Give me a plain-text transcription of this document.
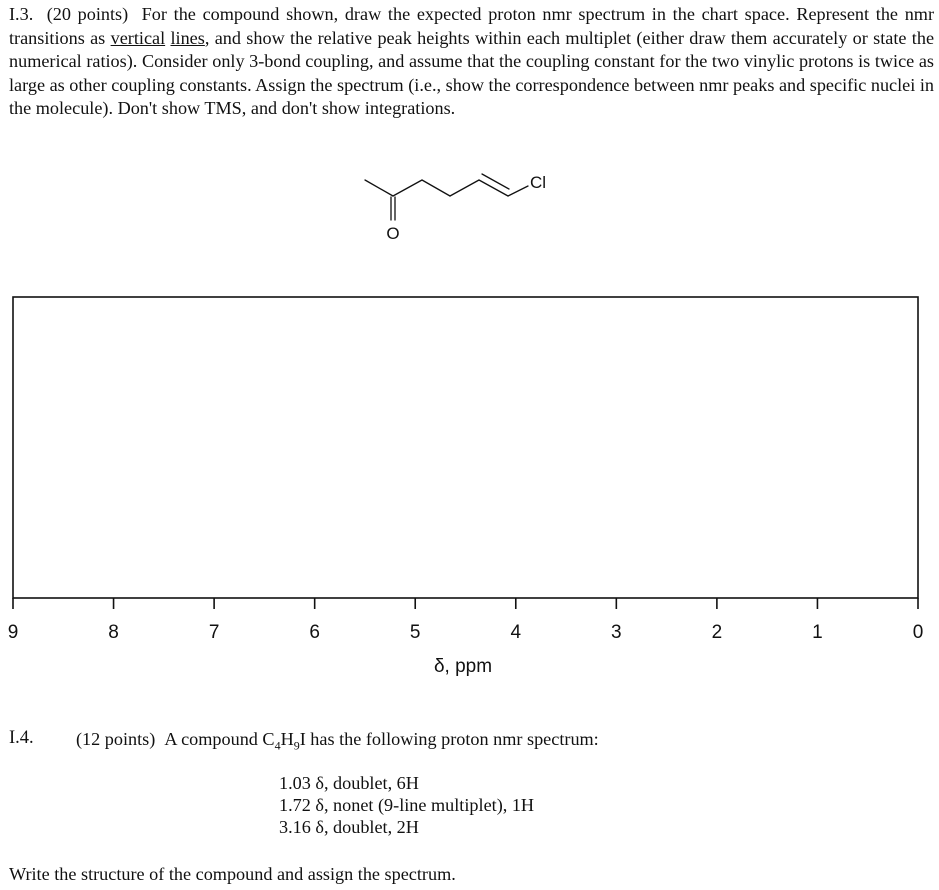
I.3. (20 points) For the compound shown, draw the expected proton nmr spectrum in the chart space. Represent the nmr transitions as vertical lines, and show the relative peak heights within each multiplet (either draw them accurately or state the numerical ratios). Consider only 3-bond coupling, and assume that the coupling constant for the two vinylic protons is twice as large as other coupling constants. Assign the spectrum (i.e., show the correspondence between nmr peaks and specific nuclei in the molecule). Don't show TMS, and don't show integrations.
O
Cl
9	8	7	6	5	4	3	2	1	0
δ, ppm
I.4. (12 points) A compound $C_4H_9I$ has the following proton nmr spectrum:
1.03 δ, doublet, 6H
1.72 δ, nonet (9-line multiplet), 1H
3.16 δ, doublet, 2H
Write the structure of the compound and assign the spectrum.
